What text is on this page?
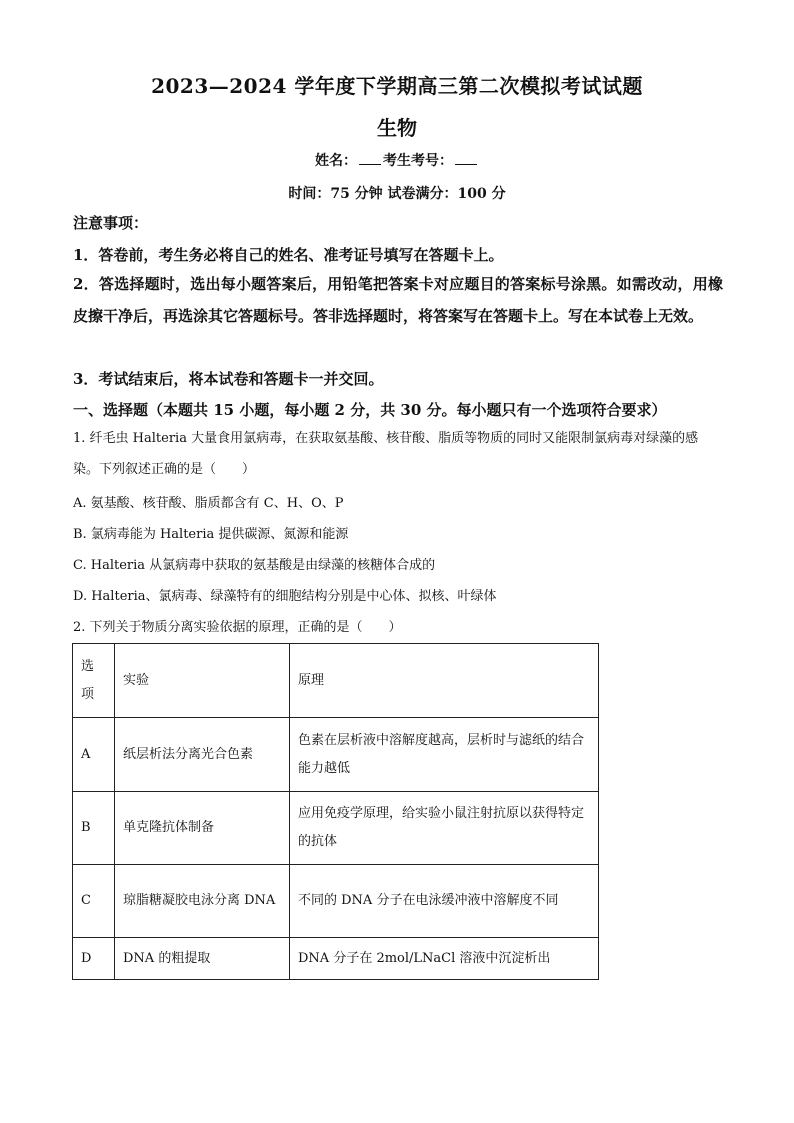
2023—2024 学年度下学期高三第二次模拟考试试题
生物
姓名： 考生考号：
时间：75 分钟 试卷满分：100 分
注意事项：
1．答卷前，考生务必将自己的姓名、准考证号填写在答题卡上。
2．答选择题时，选出每小题答案后，用铅笔把答案卡对应题目的答案标号涂黑。如需改动，用橡皮擦干净后，再选涂其它答题标号。答非选择题时，将答案写在答题卡上。写在本试卷上无效。
3．考试结束后，将本试卷和答题卡一并交回。
一、选择题（本题共 15 小题，每小题 2 分，共 30 分。每小题只有一个选项符合要求）
1. 纤毛虫 Halteria 大量食用氯病毒，在获取氨基酸、核苷酸、脂质等物质的同时又能限制氯病毒对绿藻的感染。下列叙述正确的是（　　）
A. 氨基酸、核苷酸、脂质都含有 C、H、O、P
B. 氯病毒能为 Halteria 提供碳源、氮源和能源
C. Halteria 从氯病毒中获取的氨基酸是由绿藻的核糖体合成的
D. Halteria、氯病毒、绿藻特有的细胞结构分别是中心体、拟核、叶绿体
2. 下列关于物质分离实验依据的原理，正确的是（　　）
选项	实验	原理
A	纸层析法分离光合色素	色素在层析液中溶解度越高，层析时与滤纸的结合能力越低
B	单克隆抗体制备	应用免疫学原理，给实验小鼠注射抗原以获得特定的抗体
C	琼脂糖凝胶电泳分离 DNA	不同的 DNA 分子在电泳缓冲液中溶解度不同
D	DNA 的粗提取	DNA 分子在 2mol/LNaCl 溶液中沉淀析出
